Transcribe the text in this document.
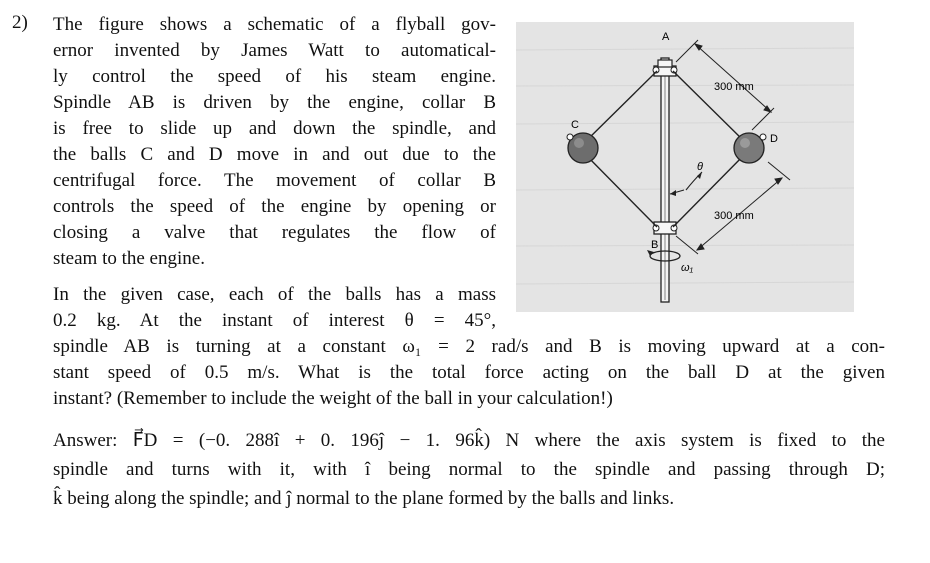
2) The figure shows a schematic of a flyball gov-
ernor invented by James Watt to automatical-
ly control the speed of his steam engine.
Spindle AB is driven by the engine, collar B
is free to slide up and down the spindle, and
the balls C and D move in and out due to the
centrifugal force. The movement of collar B
controls the speed of the engine by opening or
closing a valve that regulates the flow of
steam to the engine.
In the given case, each of the balls has a mass
0.2 kg. At the instant of interest θ = 45°,
spindle AB is turning at a constant ω₁ = 2 rad/s and B is moving upward at a con-
stant speed of 0.5 m/s. What is the total force acting on the ball D at the given
instant? (Remember to include the weight of the ball in your calculation!)
Answer: F⃗D = (−0. 288î + 0. 196ĵ − 1. 96k̂) N where the axis system is fixed to the
spindle and turns with it, with î being normal to the spindle and passing through D;
k̂ being along the spindle; and ĵ normal to the plane formed by the balls and links.
A
B
C
D
300 mm
300 mm
θ
ω₁
